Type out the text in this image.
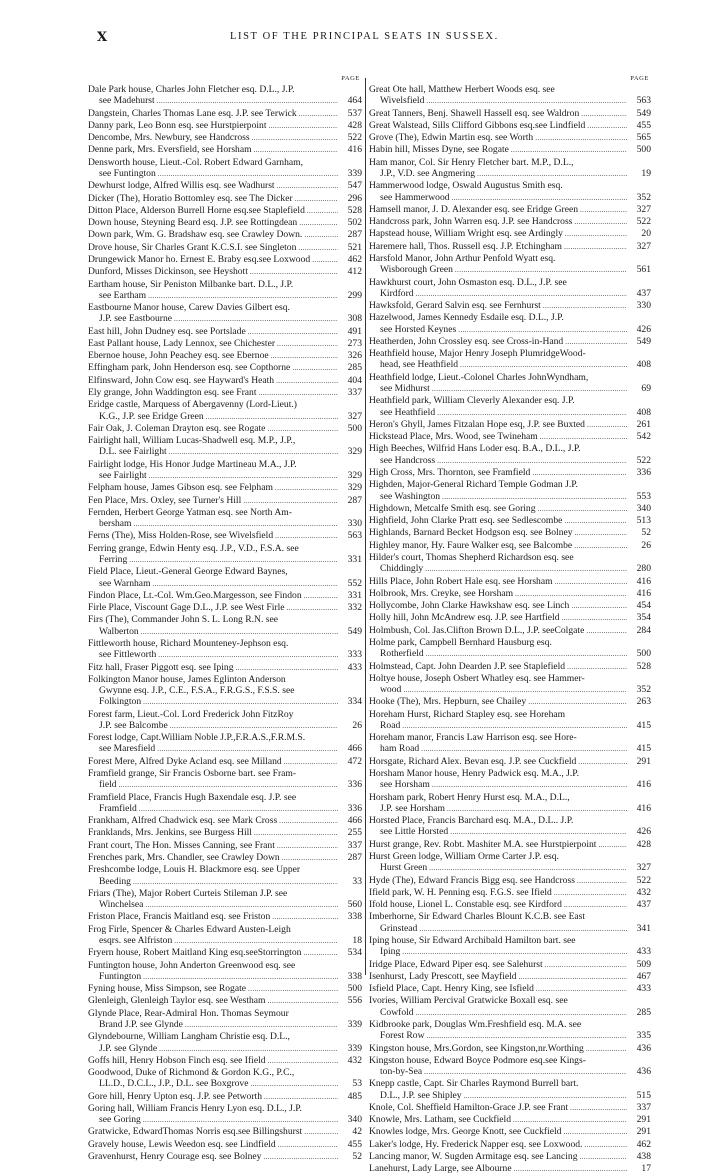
X	LIST OF THE PRINCIPAL SEATS IN SUSSEX.
PAGE
Dale Park house, Charles John Fletcher esq. D.L., J.P.
see Madehurst .....	464
Dangstein, Charles Thomas Lane esq. J.P. see Terwick .....	537
Danny park, Leo Bonn esq. see Hurstpierpoint .....	428
Dencombe, Mrs. Newbury, see Handcross .....	522
Denne park, Mrs. Eversfield, see Horsham .....	416
Densworth house, Lieut.-Col. Robert Edward Garnham,
see Funtington .....	339
Dewhurst lodge, Alfred Willis esq. see Wadhurst .....	547
Dicker (The), Horatio Bottomley esq. see The Dicker .....	296
Ditton Place, Alderson Burrell Horne esq.see Staplefield .....	528
Down house, Steyning Beard esq. J.P. see Rottingdean .....	502
Down park, Wm. G. Bradshaw esq. see Crawley Down. .....	287
Drove house, Sir Charles Grant K.C.S.I. see Singleton .....	521
Drungewick Manor ho. Ernest E. Braby esq.see Loxwood .....	462
Dunford, Misses Dickinson, see Heyshott .....	412
Eartham house, Sir Peniston Milbanke bart. D.L., J.P.
see Eartham .....	299
Eastbourne Manor house, Carew Davies Gilbert esq.
J.P. see Eastbourne .....	308
East hill, John Dudney esq. see Portslade .....	491
East Pallant house, Lady Lennox, see Chichester .....	273
Ebernoe house, John Peachey esq. see Ebernoe .....	326
Effingham park, John Henderson esq. see Copthorne .....	285
Elfinsward, John Cow esq. see Hayward's Heath .....	404
Ely grange, John Waddington esq. see Frant .....	337
Eridge castle, Marquess of Abergavenny (Lord-Lieut.)
K.G., J.P. see Eridge Green .....	327
Fair Oak, J. Coleman Drayton esq. see Rogate .....	500
Fairlight hall, William Lucas-Shadwell esq. M.P., J.P.,
D.L. see Fairlight .....	329
Fairlight lodge, His Honor Judge Martineau M.A., J.P.
see Fairlight .....	329
Felpham house, James Gibson esq. see Felpham .....	329
Fen Place, Mrs. Oxley, see Turner's Hill .....	287
Fernden, Herbert George Yatman esq. see North Am-
bersham .....	330
Ferns (The), Miss Holden-Rose, see Wivelsfield .....	563
Ferring grange, Edwin Henty esq. J.P., V.D., F.S.A. see
Ferring .....	331
Field Place, Lieut.-General George Edward Baynes,
see Warnham .....	552
Findon Place, Lt.-Col. Wm.Geo.Margesson, see Findon .....	331
Firle Place, Viscount Gage D.L., J.P. see West Firle .....	332
Firs (The), Commander John S. L. Long R.N. see
Walberton .....	549
Fittleworth house, Richard Mounteney-Jephson esq.
see Fittleworth .....	333
Fitz hall, Fraser Piggott esq. see Iping .....	433
Folkington Manor house, James Eglinton Anderson
Gwynne esq. J.P., C.E., F.S.A., F.R.G.S., F.S.S. see
Folkington .....	334
Forest farm, Lieut.-Col. Lord Frederick John FitzRoy
J.P. see Balcombe .....	26
Forest lodge, Capt.William Noble J.P.,F.R.A.S.,F.R.M.S.
see Maresfield .....	466
Forest Mere, Alfred Dyke Acland esq. see Milland .....	472
Framfield grange, Sir Francis Osborne bart. see Fram-
field .....	336
Framfield Place, Francis Hugh Baxendale esq. J.P. see
Framfield .....	336
Frankham, Alfred Chadwick esq. see Mark Cross .....	466
Franklands, Mrs. Jenkins, see Burgess Hill .....	255
Frant court, The Hon. Misses Canning, see Frant .....	337
Frenches park, Mrs. Chandler, see Crawley Down .....	287
Freshcombe lodge, Louis H. Blackmore esq. see Upper
Beeding .....	33
Friars (The), Major Robert Curteis Stileman J.P. see
Winchelsea .....	560
Friston Place, Francis Maitland esq. see Friston .....	338
Frog Firle, Spencer & Charles Edward Austen-Leigh
esqrs. see Alfriston .....	18
Fryern house, Robert Maitland King esq.seeStorrington .....	534
Funtington house, John Anderton Greenwood esq. see
Funtington .....	338
Fyning house, Miss Simpson, see Rogate .....	500
Glenleigh, Glenleigh Taylor esq. see Westham .....	556
Glynde Place, Rear-Admiral Hon. Thomas Seymour
Brand J.P. see Glynde .....	339
Glyndebourne, William Langham Christie esq. D.L.,
J.P. see Glynde .....	339
Goffs hill, Henry Hobson Finch esq. see Ifield .....	432
Goodwood, Duke of Richmond & Gordon K.G., P.C.,
LL.D., D.C.L., J.P., D.L. see Boxgrove .....	53
Gore hill, Henry Upton esq. J.P. see Petworth .....	485
Goring hall, William Francis Henry Lyon esq. D.L., J.P.
see Goring .....	340
Gratwicke, EdwardThomas Norris esq.see Billingshurst .....	42
Gravely house, Lewis Weedon esq. see Lindfield .....	455
Gravenhurst, Henry Courage esq. see Bolney .....	52
PAGE
Great Ote hall, Matthew Herbert Woods esq. see
Wivelsfield .....	563
Great Tanners, Benj. Shawell Hassell esq. see Waldron .....	549
Great Walstead, Sills Clifford Gibbons esq.see Lindfield .....	455
Grove (The), Edwin Martin esq. see Worth .....	565
Habin hill, Misses Dyne, see Rogate .....	500
Ham manor, Col. Sir Henry Fletcher bart. M.P., D.L.,
J.P., V.D. see Angmering .....	19
Hammerwood lodge, Oswald Augustus Smith esq.
see Hammerwood .....	352
Hamsell manor, J. D. Alexander esq. see Eridge Green .....	327
Handcross park, John Warren esq. J.P. see Handcross .....	522
Hapstead house, William Wright esq. see Ardingly .....	20
Haremere hall, Thos. Russell esq. J.P. Etchingham .....	327
Harsfold Manor, John Arthur Penfold Wyatt esq.
Wisborough Green .....	561
Hawkhurst court, John Osmaston esq. D.L., J.P. see
Kirdford .....	437
Hawksfold, Gerard Salvin esq. see Fernhurst .....	330
Hazelwood, James Kennedy Esdaile esq. D.L., J.P.
see Horsted Keynes .....	426
Heatherden, John Crossley esq. see Cross-in-Hand .....	549
Heathfield house, Major Henry Joseph PlumridgeWood-
head, see Heathfield .....	408
Heathfield lodge, Lieut.-Colonel Charles JohnWyndham,
see Midhurst .....	69
Heathfield park, William Cleverly Alexander esq. J.P.
see Heathfield .....	408
Heron's Ghyll, James Fitzalan Hope esq, J.P. see Buxted .....	261
Hickstead Place, Mrs. Wood, see Twineham .....	542
High Beeches, Wilfrid Hans Loder esq. B.A., D.L., J.P.
see Handcross .....	522
High Cross, Mrs. Thornton, see Framfield .....	336
Highden, Major-General Richard Temple Godman J.P.
see Washington .....	553
Highdown, Metcalfe Smith esq. see Goring .....	340
Highfield, John Clarke Pratt esq. see Sedlescombe .....	513
Highlands, Barnard Becket Hodgson esq. see Bolney .....	52
Highley manor, Hy. Faure Walker esq, see Balcombe .....	26
Hilder's court, Thomas Shepherd Richardson esq. see
Chiddingly .....	280
Hills Place, John Robert Hale esq. see Horsham .....	416
Holbrook, Mrs. Creyke, see Horsham .....	416
Hollycombe, John Clarke Hawkshaw esq. see Linch .....	454
Holly hill, John McAndrew esq. J.P. see Hartfield .....	354
Holmbush, Col. Jas.Clifton Brown D.L., J.P. seeColgate .....	284
Holme park, Campbell Bernhard Hausburg esq.
Rotherfield .....	500
Holmstead, Capt. John Dearden J.P. see Staplefield .....	528
Holtye house, Joseph Osbert Whatley esq. see Hammer-
wood .....	352
Hooke (The), Mrs. Hepburn, see Chailey .....	263
Horeham Hurst, Richard Stapley esq. see Horeham
Road .....	415
Horeham manor, Francis Law Harrison esq. see Hore-
ham Road .....	415
Horsgate, Richard Alex. Bevan esq. J.P. see Cuckfield .....	291
Horsham Manor house, Henry Padwick esq. M.A., J.P.
see Horsham .....	416
Horsham park, Robert Henry Hurst esq. M.A., D.L.,
J.P. see Horsham .....	416
Horsted Place, Francis Barchard esq. M.A., D.L.. J.P.
see Little Horsted .....	426
Hurst grange, Rev. Robt. Mashiter M.A. see Hurstpierpoint .....	428
Hurst Green lodge, William Orme Carter J.P. esq.
Hurst Green .....	327
Hyde (The), Edward Francis Bigg esq. see Handcross .....	522
Ifield park, W. H. Penning esq. F.G.S. see Ifield .....	432
Ifold house, Lionel L. Constable esq. see Kirdford .....	437
Imberhorne, Sir Edward Charles Blount K.C.B. see East
Grinstead .....	341
Iping house, Sir Edward Archibald Hamilton bart. see
Iping .....	433
Iridge Place, Edward Piper esq. see Salehurst .....	509
Isenhurst, Lady Prescott, see Mayfield .....	467
Isfield Place, Capt. Henry King, see Isfield .....	433
Ivories, William Percival Gratwicke Boxall esq. see
Cowfold .....	285
Kidbrooke park, Douglas Wm.Freshfield esq. M.A. see
Forest Row .....	335
Kingston house, Mrs.Gordon, see Kingston,nr.Worthing .....	436
Kingston house, Edward Boyce Podmore esq.see Kings-
ton-by-Sea .....	436
Knepp castle, Capt. Sir Charles Raymond Burrell bart.
D.L., J.P. see Shipley .....	515
Knole, Col. Sheffield Hamilton-Grace J.P. see Frant .....	337
Knowle, Mrs. Latham, see Cuckfield .....	291
Knowles lodge, Mrs. George Knott, see Cuckfield .....	291
Laker's lodge, Hy. Frederick Napper esq. see Loxwood. .....	462
Lancing manor, W. Sugden Armitage esq. see Lancing .....	438
Lanehurst, Lady Large, see Albourne .....	17
